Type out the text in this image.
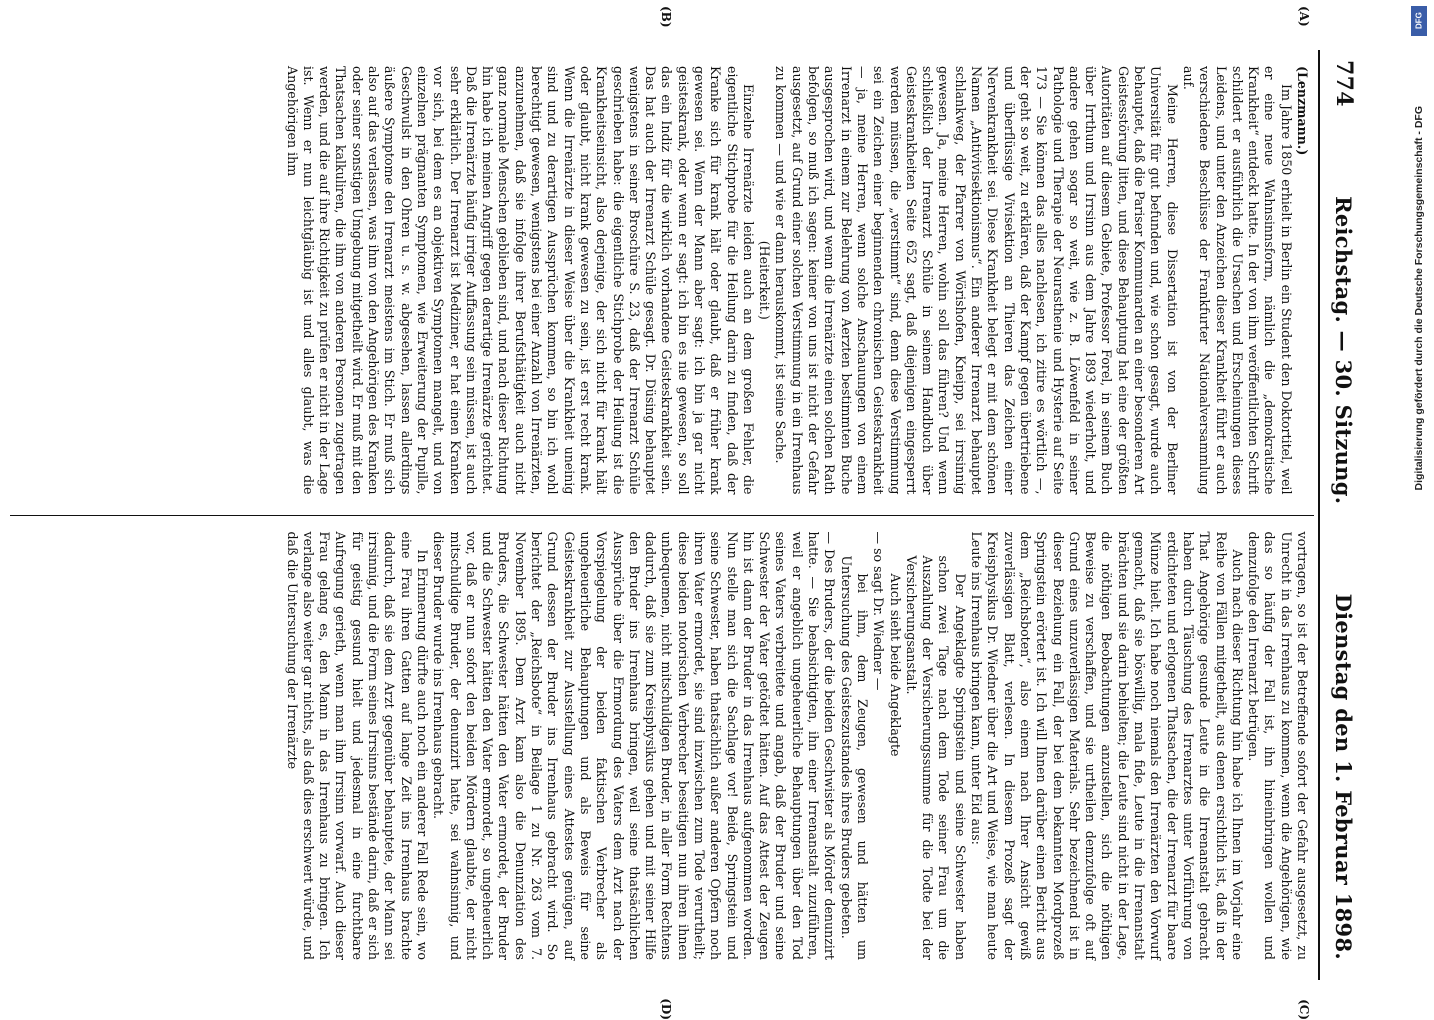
774
Reichstag. — 30. Sitzung.
Dienstag den 1. Februar 1898.
(A)
(B)

(Lenzmann.)

Im Jahre 1850 erhielt in Berlin ein Student den Doktortitel, weil er eine neue Wahnsinnsform, nämlich die „demokratische Krankheit“ entdeckt hatte. In der von ihm veröffentlichten Schrift schildert er ausführlich die Ursachen und Erscheinungen dieses Leidens, und unter den Anzeichen dieser Krankheit führt er auch verschiedene Beschlüsse der Frankfurter Nationalversammlung auf.

Meine Herren, diese Dissertation ist von der Berliner Universität für gut befunden und, wie schon gesagt, wurde auch behauptet, daß die Pariser Kommunarden an einer besonderen Art Geistesstörung litten, und diese Behauptung hat eine der größten Autoritäten auf diesem Gebiete, Professor Forel, in seinem Buch über Irrthum und Irrsinn aus dem Jahre 1893 wiederholt, und andere gehen sogar so weit, wie z. B. Löwenfeld in seiner Pathologie und Therapie der Neurasthenie und Hysterie auf Seite 173 — Sie können das alles nachlesen, ich zitire es wörtlich —, der geht so weit, zu erklären, daß der Kampf gegen übertriebene und überflüssige Vivisektion an Thieren das Zeichen einer Nervenkrankheit sei. Diese Krankheit belegt er mit dem schönen Namen „Antivivisektionismus“. Ein anderer Irrenarzt behauptet schlankweg, der Pfarrer von Wörishofen, Kneipp, sei irrsinnig gewesen. Ja, meine Herren, wohin soll das führen? Und wenn schließlich der Irrenarzt Schüle in seinem Handbuch über Geisteskrankheiten Seite 652 sagt, daß diejenigen eingesperrt werden müssen, die „verstimmt“ sind, denn diese Verstimmung sei ein Zeichen einer beginnenden chronischen Geisteskrankheit — ja, meine Herren, wenn solche Anschauungen von einem Irrenarzt in einem zur Belehrung von Aerzten bestimmten Buche ausgesprochen wird, und wenn die Irrenärzte einen solchen Rath befolgen, so muß ich sagen: keiner von uns ist nicht der Gefahr ausgesetzt, auf Grund einer solchen Verstimmung in ein Irrenhaus zu kommen — und wie er dann herauskommt, ist seine Sache.

(Heiterkeit.)

Einzelne Irrenärzte leiden auch an dem großen Fehler, die eigentliche Stichprobe für die Heilung darin zu finden, daß der Kranke sich für krank hält oder glaubt, daß er früher krank gewesen sei. Wenn der Mann aber sagt: ich bin ja gar nicht geisteskrank, oder wenn er sagt: ich bin es nie gewesen, so soll das ein Indiz für die wirklich vorhandene Geisteskrankheit sein. Das hat auch der Irrenarzt Schüle gesagt. Dr. Düsing behauptet wenigstens in seiner Broschüre S. 23, daß der Irrenarzt Schüle geschrieben habe: die eigentliche Stichprobe der Heilung ist die Krankheitseinsicht, also derjenige, der sich nicht für krank hält oder glaubt, nicht krank gewesen zu sein, ist erst recht krank. Wenn die Irrenärzte in dieser Weise über die Krankheit uneinig sind und zu derartigen Aussprüchen kommen, so bin ich wohl berechtigt gewesen, wenigstens bei einer Anzahl von Irrenärzten, anzunehmen, daß sie infolge ihrer Berufsthätigkeit auch nicht ganz normale Menschen geblieben sind, und nach dieser Richtung hin habe ich meinen Angriff gegen derartige Irrenärzte gerichtet. Daß die Irrenärzte häufig irriger Auffassung sein müssen, ist auch sehr erklärlich. Der Irrenarzt ist Mediziner, er hat einen Kranken vor sich, bei dem es an objektiven Symptomen mangelt, und von einzelnen prägnanten Symptomen, wie Erweiterung der Pupille, Geschwulst in den Ohren u. s. w. abgesehen, lassen allerdings äußere Symptome den Irrenarzt meistens im Stich. Er muß sich also auf das verlassen, was ihm von den Angehörigen des Kranken oder seiner sonstigen Umgebung mitgetheilt wird. Er muß mit den Thatsachen kalkuliren, die ihm von anderen Personen zugetragen werden, und die auf ihre Richtigkeit zu prüfen er nicht in der Lage ist. Wenn er nun leichtgläubig ist und alles glaubt, was die Angehörigen ihm

(C)
(D)

vortragen, so ist der Betreffende sofort der Gefahr ausgesetzt, zu Unrecht in das Irrenhaus zu kommen, wenn die Angehörigen, wie das so häufig der Fall ist, ihn hineinbringen wollen und demzufolge den Irrenarzt betrügen.

Auch nach dieser Richtung hin habe ich Ihnen im Vorjahr eine Reihe von Fällen mitgetheilt, aus denen ersichtlich ist, daß in der That Angehörige gesunde Leute in die Irrenanstalt gebracht haben durch Täuschung des Irrenarztes unter Vorführung von erdichteten und erlogenen Thatsachen, die der Irrenarzt für baare Münze hielt. Ich habe noch niemals den Irrenärzten den Vorwurf gemacht, daß sie böswillig, mala fide, Leute in die Irrenanstalt brächten und sie darin behielten; die Leute sind nicht in der Lage, die nöthigen Beobachtungen anzustellen, sich die nöthigen Beweise zu verschaffen, und sie urtheilen demzufolge oft auf Grund eines unzuverlässigen Materials. Sehr bezeichnend ist in dieser Beziehung ein Fall, der bei dem bekannten Mordprozeß Springstein erörtert ist. Ich will Ihnen darüber einen Bericht aus dem „Reichsboten“, also einem nach Ihrer Ansicht gewiß zuverlässigen Blatt, verlesen. In diesem Prozeß sagt der Kreisphysikus Dr. Wiedner über die Art und Weise, wie man heute Leute ins Irrenhaus bringen kann, unter Eid aus:

Der Angeklagte Springstein und seine Schwester haben schon zwei Tage nach dem Tode seiner Frau um die Auszahlung der Versicherungssumme für die Todte bei der Versicherungsanstalt.

Auch sieht beide Angeklagte

— so sagt Dr. Wiedner —

bei ihm, dem Zeugen, gewesen und hätten um Untersuchung des Geisteszustandes ihres Bruders gebeten.

— Des Bruders, der die beiden Geschwister als Mörder denunzirt hatte. — Sie beabsichtigten, ihn einer Irrenanstalt zuzuführen, weil er angeblich ungeheuerliche Behauptungen über den Tod seines Vaters verbreitete und angab, daß der Bruder und seine Schwester der Vater getödtet hätten. Auf das Attest der Zeugen hin ist dann der Bruder in das Irrenhaus aufgenommen worden. Nun stelle man sich die Sachlage vor! Beide, Springstein und seine Schwester, haben thatsächlich außer anderen Opfern noch ihren Vater ermordet, sie sind inzwischen zum Tode verurtheilt; diese beiden notorischen Verbrecher beseitigen nun ihren ihnen unbequemen, nicht mitschuldigen Bruder, in aller Form Rechtens dadurch, daß sie zum Kreisphysikus gehen und mit seiner Hilfe den Bruder ins Irrenhaus bringen, weil seine thatsächlichen Aussprüche über die Ermordung des Vaters dem Arzt nach der Vorspiegelung der beiden faktischen Verbrecher als ungeheuerliche Behauptungen und als Beweis für seine Geisteskrankheit zur Ausstellung eines Attestes genügen, auf Grund dessen der Bruder ins Irrenhaus gebracht wird. So berichtet der „Reichsbote“ in Beilage 1 zu Nr. 263 vom 7. November 1895. Dem Arzt kam also die Denunziation des Bruders, die Schwester hätten den Vater ermordet, der Bruder und die Schwester hätten den Vater ermordet, so ungeheuerlich vor, daß er nun sofort den beiden Mördern glaubte, der nicht mitschuldige Bruder, der denunzirt hatte, sei wahnsinnig, und dieser Bruder wurde ins Irrenhaus gebracht.

In Erinnerung dürfte auch noch ein anderer Fall Rede sein, wo eine Frau ihren Gatten auf lange Zeit ins Irrenhaus brachte dadurch, daß sie dem Arzt gegenüber behauptete, der Mann sei irrsinnig, und die Form seines Irrsinns bestände darin, daß er sich für geistig gesund hielt und jedesmal in eine furchtbare Aufregung gerieth, wenn man ihm Irrsinn vorwarf. Auch dieser Frau gelang es, den Mann in das Irrenhaus zu bringen. Ich verlange also weiter gar nichts, als daß dies erschwert würde, und daß die Untersuchung der Irrenärzte

DFG
Digitalisierung gefördert durch die Deutsche Forschungsgemeinschaft - DFG
